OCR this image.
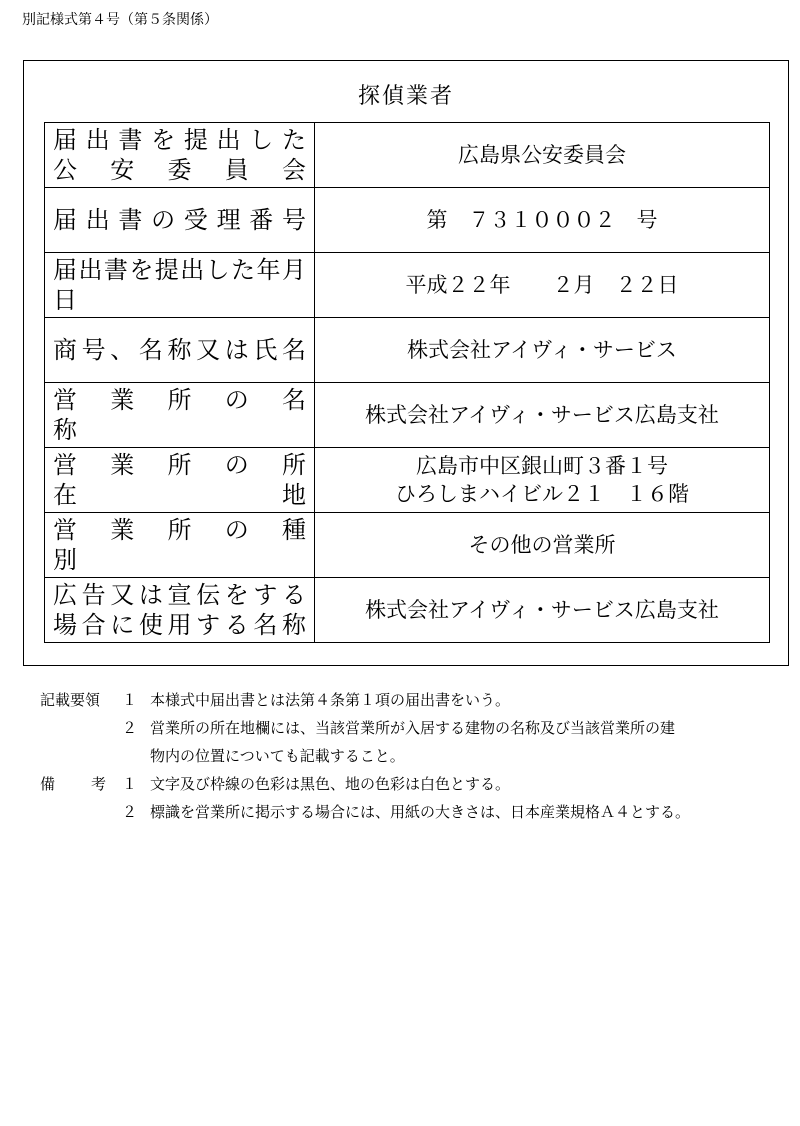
別記様式第４号（第５条関係）
探偵業者
届出書を提出した
公　安　委　員　会	広島県公安委員会

届出書の受理番号	第　７３１０００２　号

届出書を提出した年月日	平成２２年　　２月　２２日

商号、名称又は氏名	株式会社アイヴィ・サービス

営　業　所　の　名　称	株式会社アイヴィ・サービス広島支社

営　業　所　の　所　在　地	広島市中区銀山町３番１号
ひろしまハイビル２１　１６階

営　業　所　の　種　別	その他の営業所

広告又は宣伝をする
場合に使用する名称	株式会社アイヴィ・サービス広島支社
記載要領	１ 本様式中届出書とは法第４条第１項の届出書をいう。
２ 営業所の所在地欄には、当該営業所が入居する建物の名称及び当該営業所の建
物内の位置についても記載すること。
備 考 １ 文字及び枠線の色彩は黒色、地の色彩は白色とする。
２ 標識を営業所に掲示する場合には、用紙の大きさは、日本産業規格Ａ４とする。
